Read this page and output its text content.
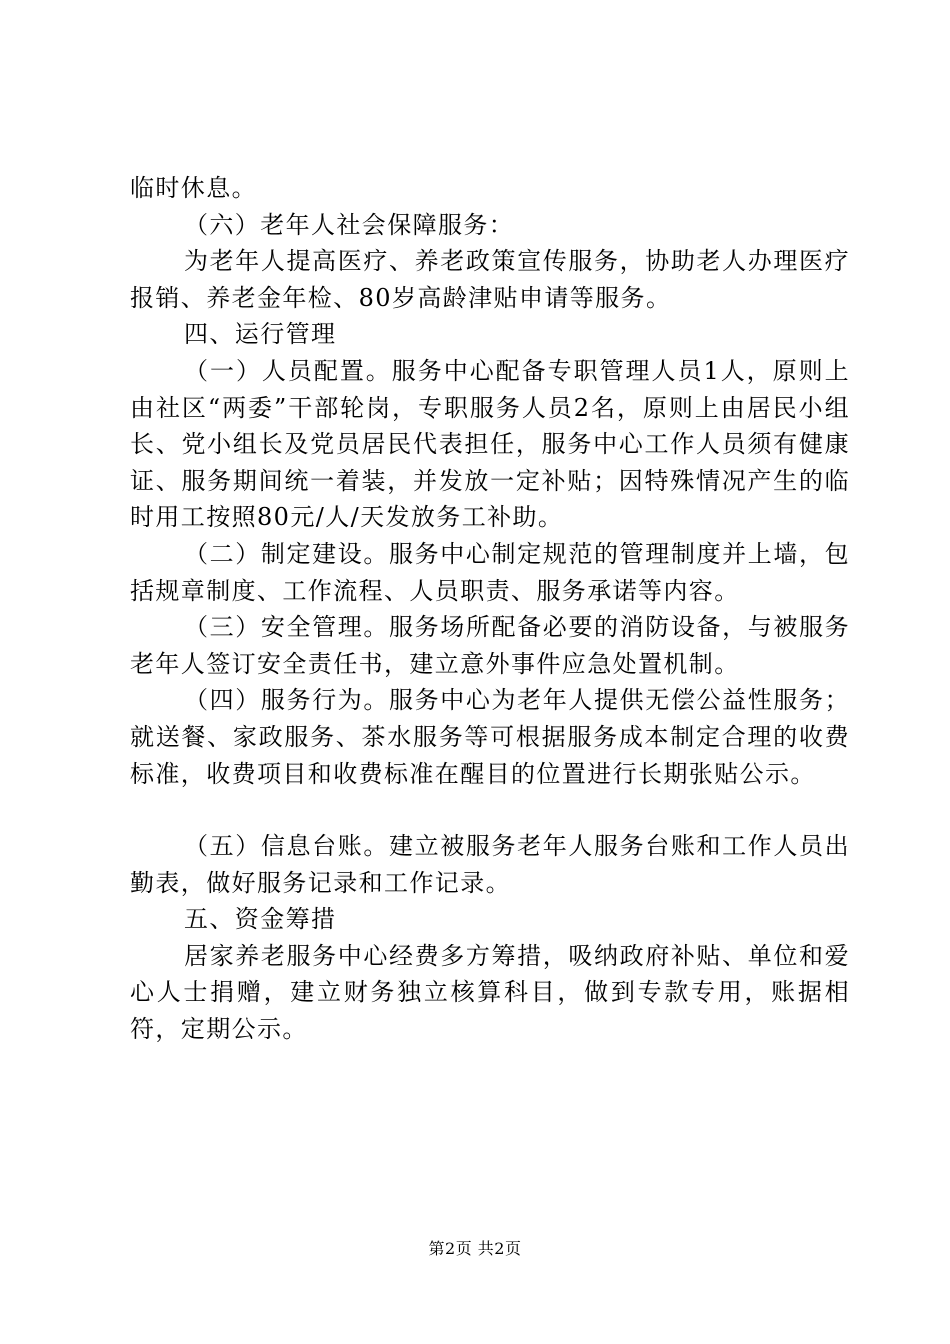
临时休息。

（六）老年人社会保障服务：

为老年人提高医疗、养老政策宣传服务，协助老人办理医疗报销、养老金年检、80岁高龄津贴申请等服务。

四、运行管理

（一）人员配置。服务中心配备专职管理人员1人，原则上由社区“两委”干部轮岗，专职服务人员2名，原则上由居民小组长、党小组长及党员居民代表担任，服务中心工作人员须有健康证、服务期间统一着装，并发放一定补贴；因特殊情况产生的临时用工按照80元/人/天发放务工补助。

（二）制定建设。服务中心制定规范的管理制度并上墙，包括规章制度、工作流程、人员职责、服务承诺等内容。

（三）安全管理。服务场所配备必要的消防设备，与被服务老年人签订安全责任书，建立意外事件应急处置机制。

（四）服务行为。服务中心为老年人提供无偿公益性服务；就送餐、家政服务、茶水服务等可根据服务成本制定合理的收费标准，收费项目和收费标准在醒目的位置进行长期张贴公示。

（五）信息台账。建立被服务老年人服务台账和工作人员出勤表，做好服务记录和工作记录。

五、资金筹措

居家养老服务中心经费多方筹措，吸纳政府补贴、单位和爱心人士捐赠，建立财务独立核算科目，做到专款专用，账据相符，定期公示。

第2页 共2页
